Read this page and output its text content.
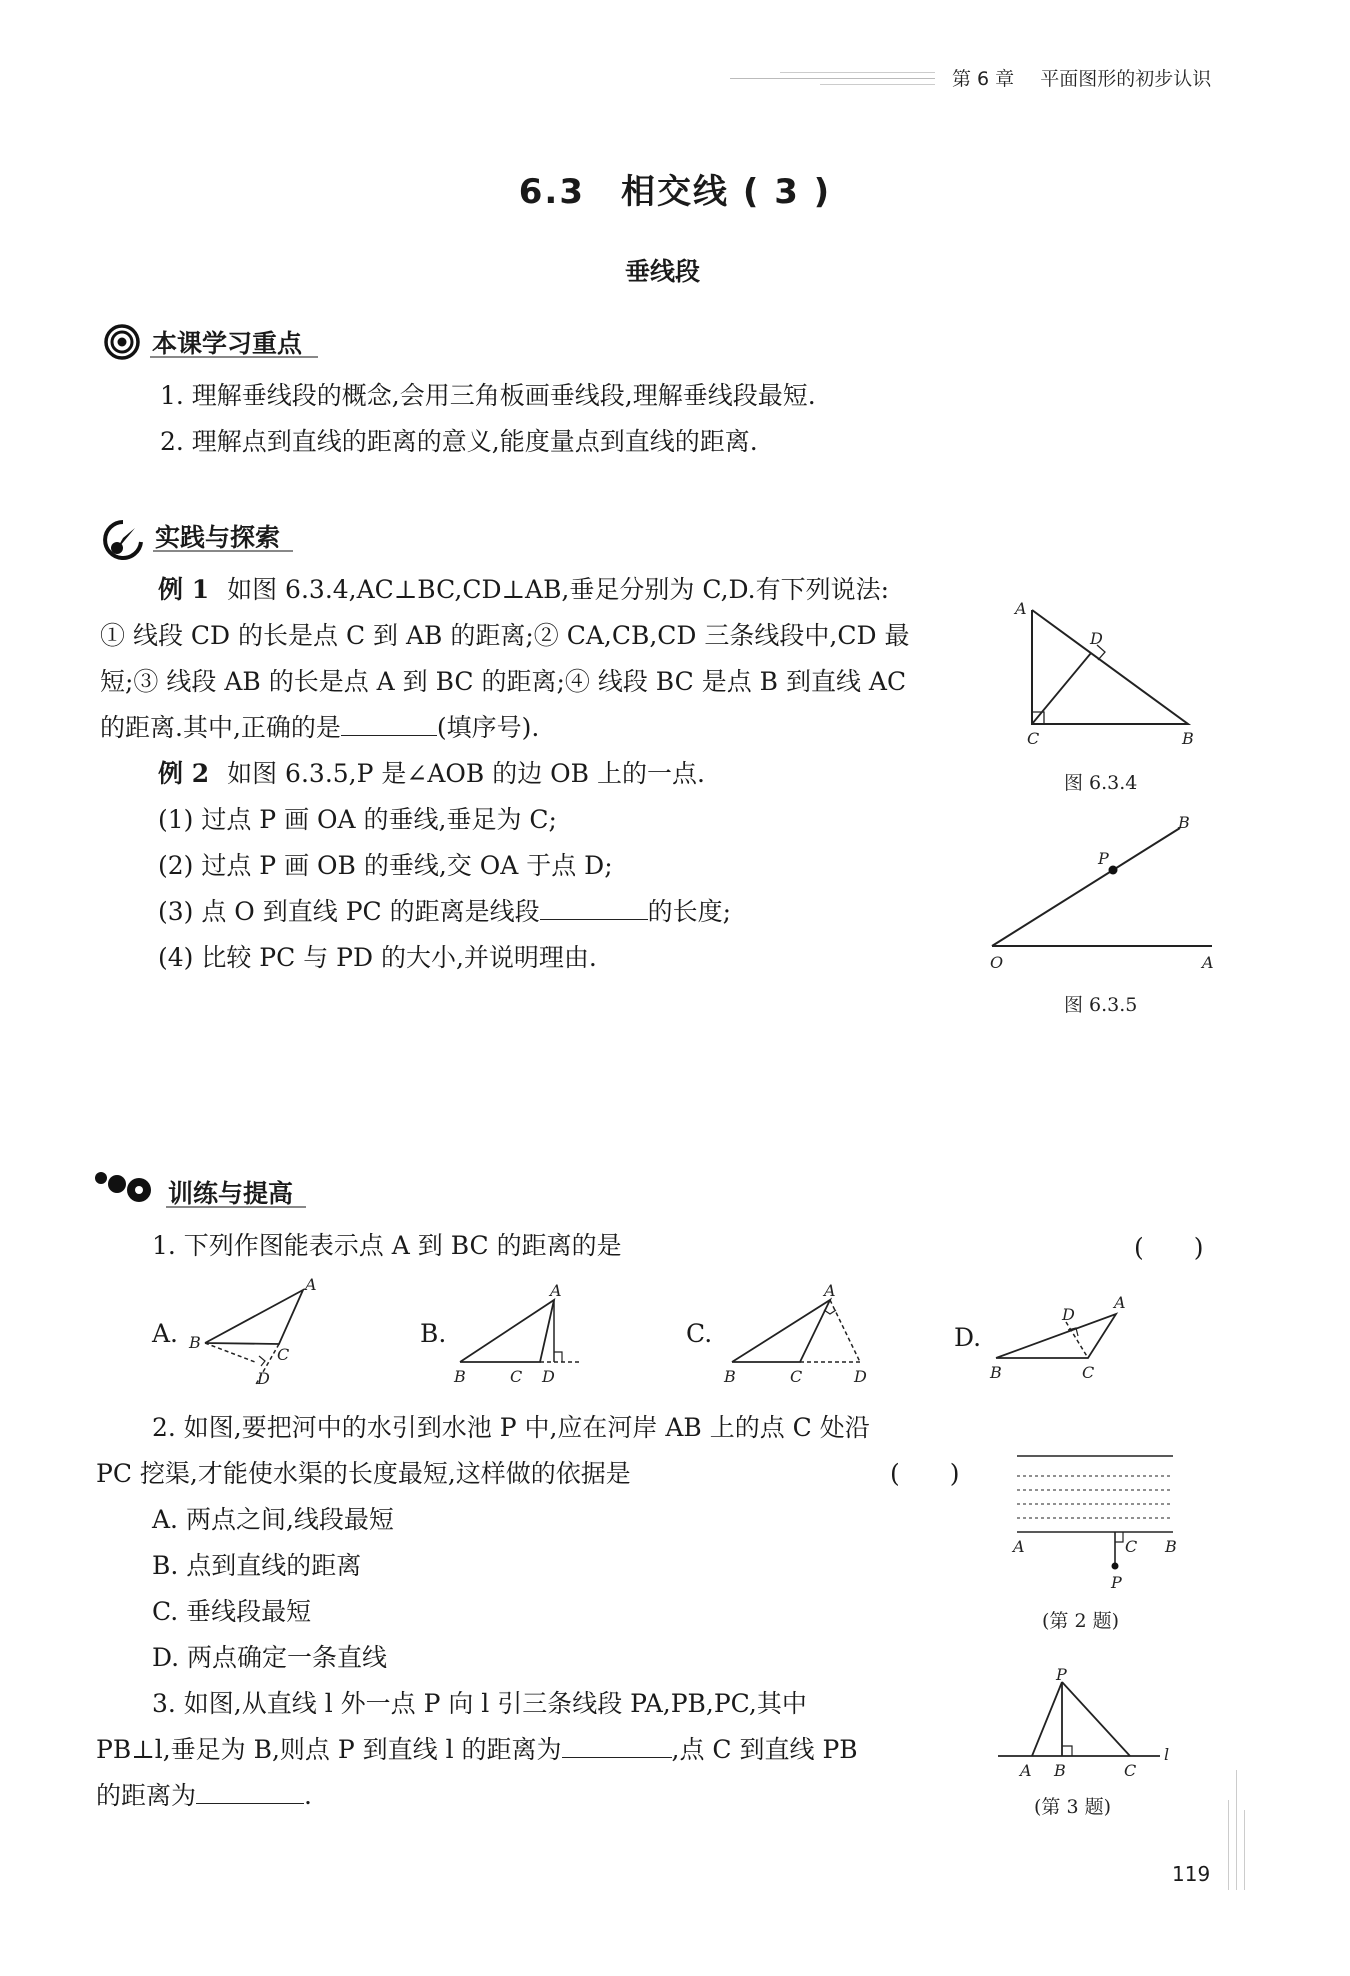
第 6 章 平面图形的初步认识
6.3　相交线 ( 3 )
垂线段
本课学习重点
1. 理解垂线段的概念,会用三角板画垂线段,理解垂线段最短.
2. 理解点到直线的距离的意义,能度量点到直线的距离.
实践与探索
例 1 如图 6.3.4,AC⊥BC,CD⊥AB,垂足分别为 C,D.有下列说法:
① 线段 CD 的长是点 C 到 AB 的距离;② CA,CB,CD 三条线段中,CD 最
短;③ 线段 AB 的长是点 A 到 BC 的距离;④ 线段 BC 是点 B 到直线 AC
的距离.其中,正确的是	(填序号).
例 2 如图 6.3.5,P 是∠AOB 的边 OB 上的一点.
(1) 过点 P 画 OA 的垂线,垂足为 C;
(2) 过点 P 画 OB 的垂线,交 OA 于点 D;
(3) 点 O 到直线 PC 的距离是线段	的长度;
(4) 比较 PC 与 PD 的大小,并说明理由.
A
D
C	B
图 6.3.4
B
P
O	A
图 6.3.5
训练与提高
1. 下列作图能表示点 A 到 BC 的距离的是	(　　)
A.
A
B
C
D
B.
A
B	C D
C.
A
B	C	D
D.
A
D
B	C
2. 如图,要把河中的水引到水池 P 中,应在河岸 AB 上的点 C 处沿
PC 挖渠,才能使水渠的长度最短,这样做的依据是	(　　)
A. 两点之间,线段最短
B. 点到直线的距离
C. 垂线段最短
D. 两点确定一条直线
A	C B
P
(第 2 题)
3. 如图,从直线 l 外一点 P 向 l 引三条线段 PA,PB,PC,其中
PB⊥l,垂足为 B,则点 P 到直线 l 的距离为	,点 C 到直线 PB
的距离为	.
P
A B	C
l
(第 3 题)
119
